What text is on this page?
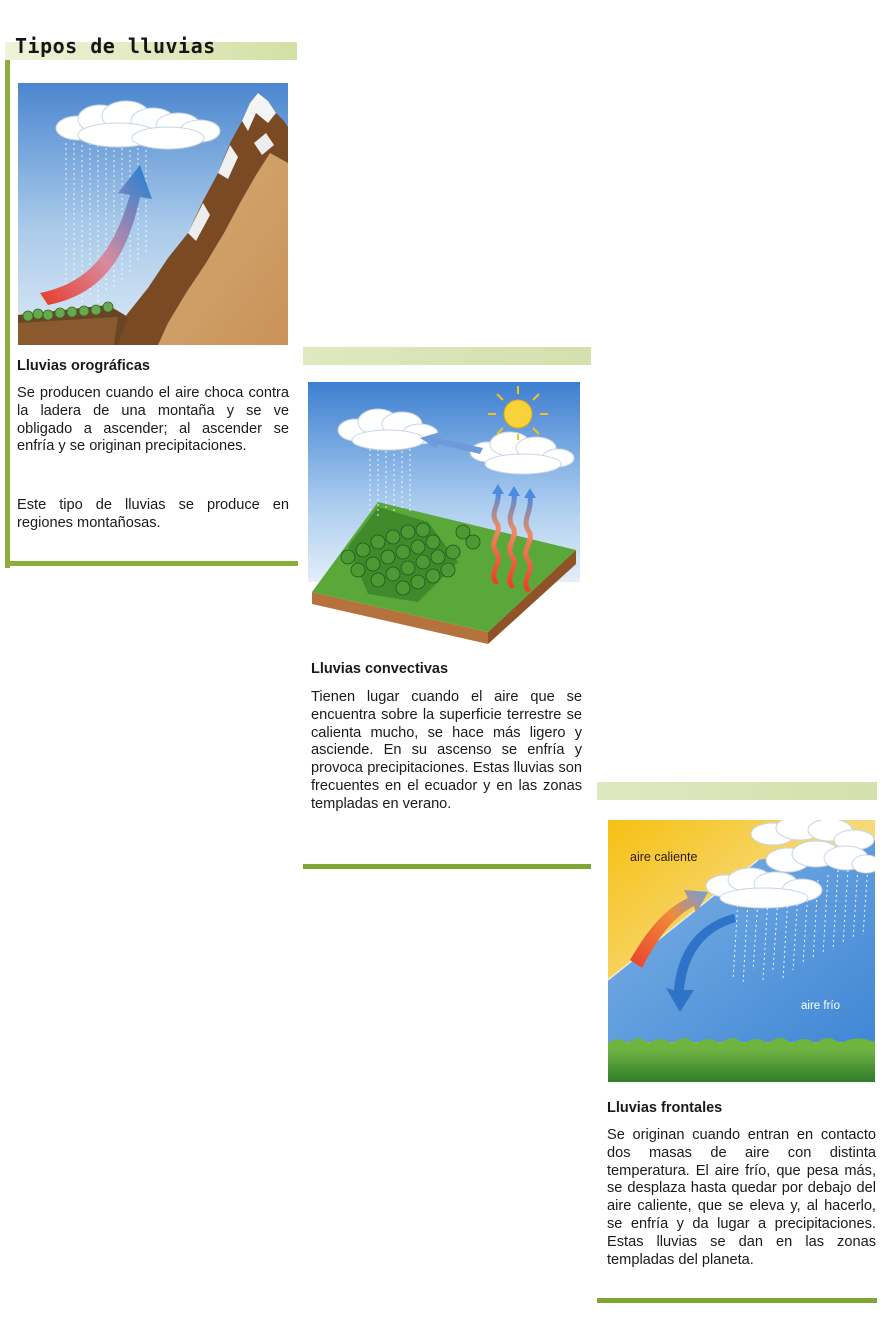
Tipos de lluvias
Lluvias orográficas

Se producen cuando el aire choca contra la ladera de una montaña y se ve obligado a ascender; al ascender se enfría y se originan precipitaciones.

Este tipo de lluvias se produce en regiones montañosas.

Lluvias convectivas

Tienen lugar cuando el aire que se encuentra sobre la superficie terrestre se calienta mucho, se hace más ligero y asciende. En su ascenso se enfría y provoca precipitaciones. Estas lluvias son frecuentes en el ecuador y en las zonas templadas en verano.

aire caliente
aire frío
Lluvias frontales

Se originan cuando entran en contacto dos masas de aire con distinta temperatura. El aire frío, que pesa más, se desplaza hasta quedar por debajo del aire caliente, que se eleva y, al hacerlo, se enfría y da lugar a precipitaciones. Estas lluvias se dan en las zonas templadas del planeta.
